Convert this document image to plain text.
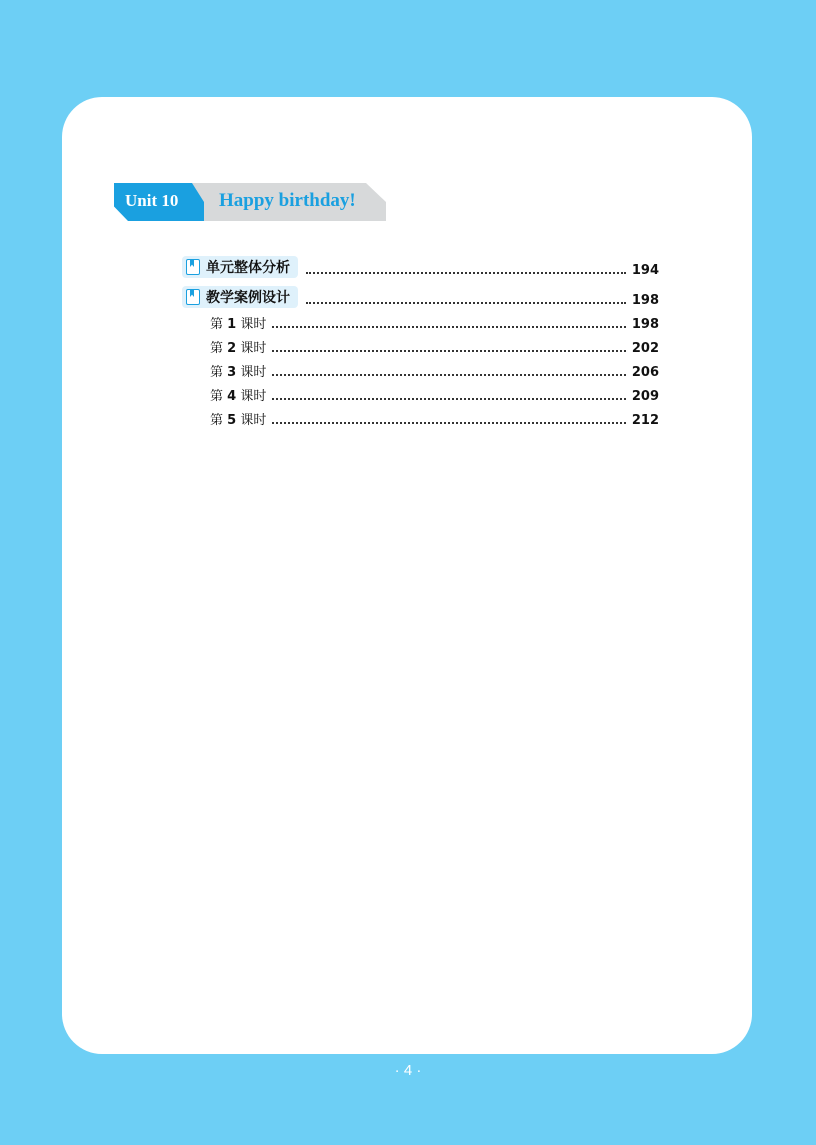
Unit 10 Happy birthday!
单元整体分析	194
教学案例设计	198
第 1 课时	198
第 2 课时	202
第 3 课时	206
第 4 课时	209
第 5 课时	212
· 4 ·
